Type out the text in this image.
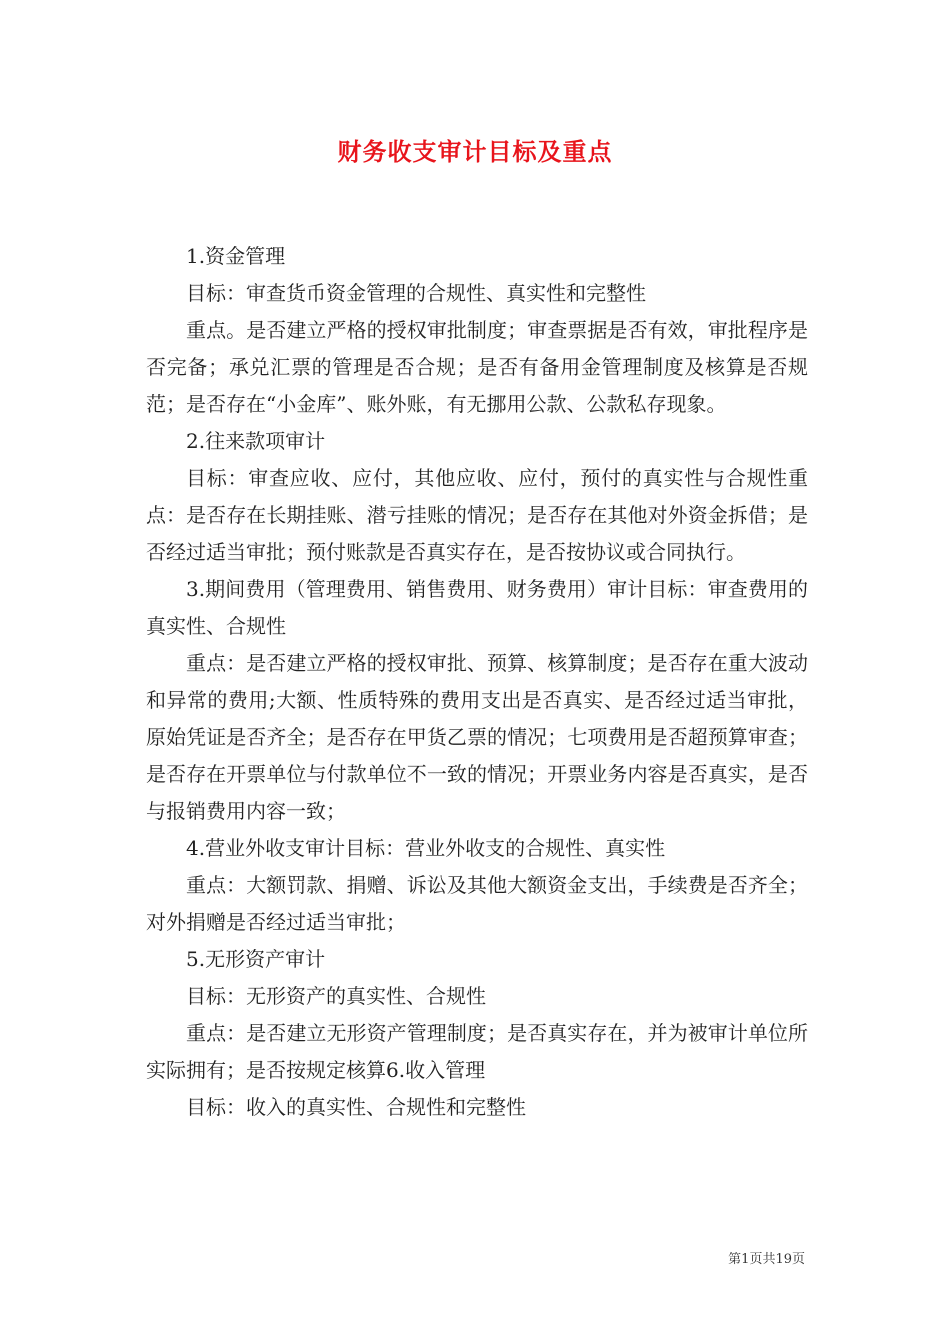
财务收支审计目标及重点

1.资金管理

目标：审查货币资金管理的合规性、真实性和完整性

重点。是否建立严格的授权审批制度；审查票据是否有效，审批程序是否完备；承兑汇票的管理是否合规；是否有备用金管理制度及核算是否规范；是否存在“小金库”、账外账，有无挪用公款、公款私存现象。

2.往来款项审计

目标：审查应收、应付，其他应收、应付，预付的真实性与合规性重点：是否存在长期挂账、潜亏挂账的情况；是否存在其他对外资金拆借；是否经过适当审批；预付账款是否真实存在，是否按协议或合同执行。

3.期间费用（管理费用、销售费用、财务费用）审计目标：审查费用的真实性、合规性

重点：是否建立严格的授权审批、预算、核算制度；是否存在重大波动和异常的费用;大额、性质特殊的费用支出是否真实、是否经过适当审批，原始凭证是否齐全；是否存在甲货乙票的情况；七项费用是否超预算审查；是否存在开票单位与付款单位不一致的情况；开票业务内容是否真实，是否与报销费用内容一致；

4.营业外收支审计目标：营业外收支的合规性、真实性

重点：大额罚款、捐赠、诉讼及其他大额资金支出，手续费是否齐全；对外捐赠是否经过适当审批；

5.无形资产审计

目标：无形资产的真实性、合规性

重点：是否建立无形资产管理制度；是否真实存在，并为被审计单位所实际拥有；是否按规定核算6.收入管理

目标：收入的真实性、合规性和完整性

第1页共19页
